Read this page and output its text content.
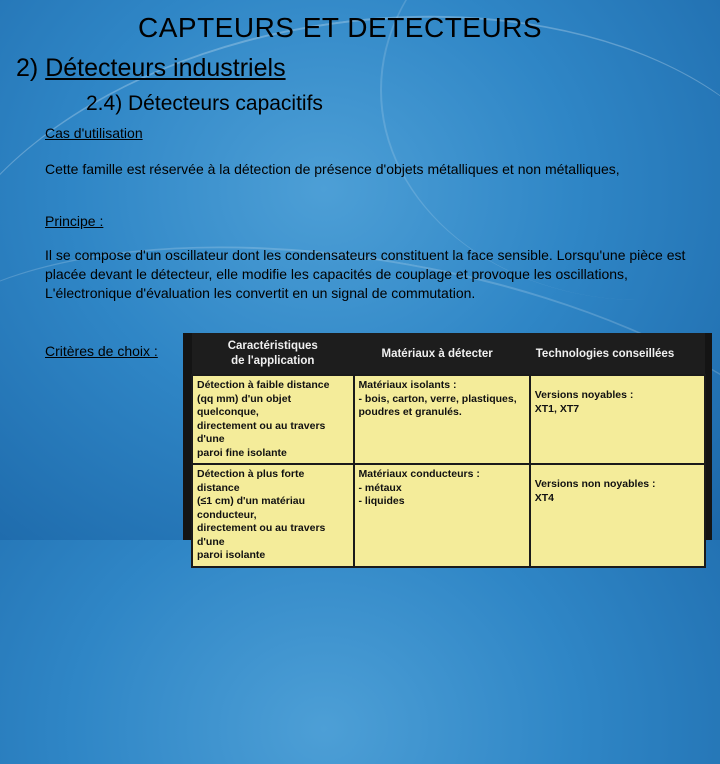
CAPTEURS ET DETECTEURS
2) Détecteurs industriels
2.4) Détecteurs capacitifs
Cas d'utilisation
Cette famille est réservée à la détection de présence d'objets métalliques et non métalliques,
Principe :
Il se compose d'un oscillateur dont les condensateurs constituent la face sensible. Lorsqu'une pièce est placée devant le détecteur, elle modifie les capacités de couplage et provoque les oscillations, L'électronique d'évaluation les convertit en un signal de commutation.
Critères de choix :	Caractéristiques
de l'application	Matériaux à détecter	Technologies conseillées

Détection à faible distance
(qq mm) d'un objet quelconque,
directement ou au travers d'une
paroi fine isolante	Matériaux isolants :
- bois, carton, verre, plastiques,
poudres et granulés.	Versions noyables :
XT1, XT7

Détection à plus forte distance
(≤1 cm) d'un matériau conducteur,
directement ou au travers d'une
paroi isolante	Matériaux conducteurs :
- métaux
- liquides	Versions non noyables :
XT4
